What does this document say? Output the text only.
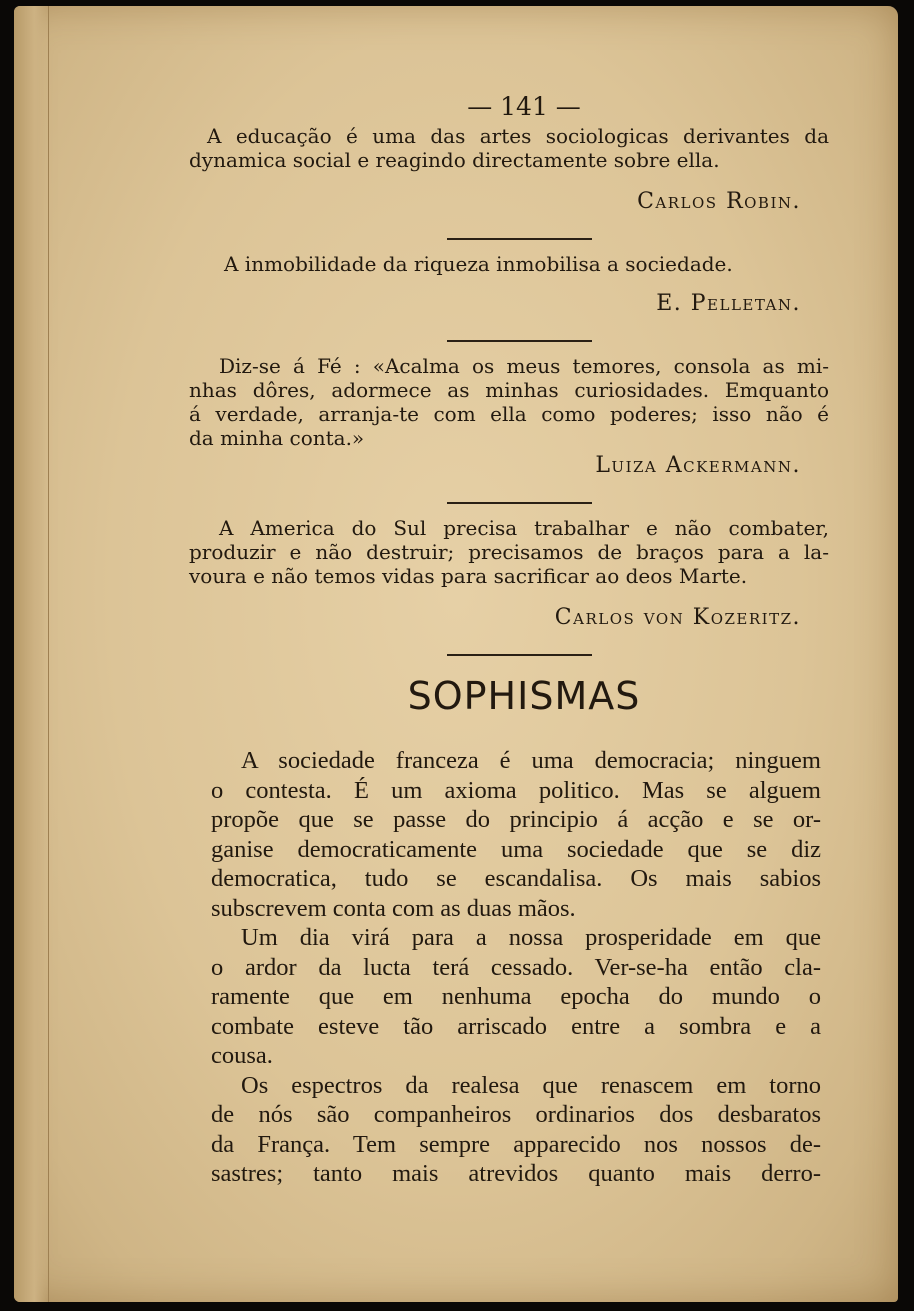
— 141 —

A educação é uma das artes sociologicas derivantes da
dynamica social e reagindo directamente sobre ella.

Carlos Robin.

A inmobilidade da riqueza inmobilisa a sociedade.

E. Pelletan.

Diz-se á Fé : «Acalma os meus temores, consola as mi-
nhas dôres, adormece as minhas curiosidades. Emquanto
á verdade, arranja-te com ella como poderes; isso não é
da minha conta.»

Luiza Ackermann.

A America do Sul precisa trabalhar e não combater,
produzir e não destruir; precisamos de braços para a la-
voura e não temos vidas para sacrificar ao deos Marte.

Carlos von Kozeritz.
SOPHISMAS

A sociedade franceza é uma democracia; ninguem
o contesta. É um axioma politico. Mas se alguem
propõe que se passe do principio á acção e se or-
ganise democraticamente uma sociedade que se diz
democratica, tudo se escandalisa. Os mais sabios
subscrevem conta com as duas mãos.

Um dia virá para a nossa prosperidade em que
o ardor da lucta terá cessado. Ver-se-ha então cla-
ramente que em nenhuma epocha do mundo o
combate esteve tão arriscado entre a sombra e a
cousa.

Os espectros da realesa que renascem em torno
de nós são companheiros ordinarios dos desbaratos
da França. Tem sempre apparecido nos nossos de-
sastres; tanto mais atrevidos quanto mais derro-
